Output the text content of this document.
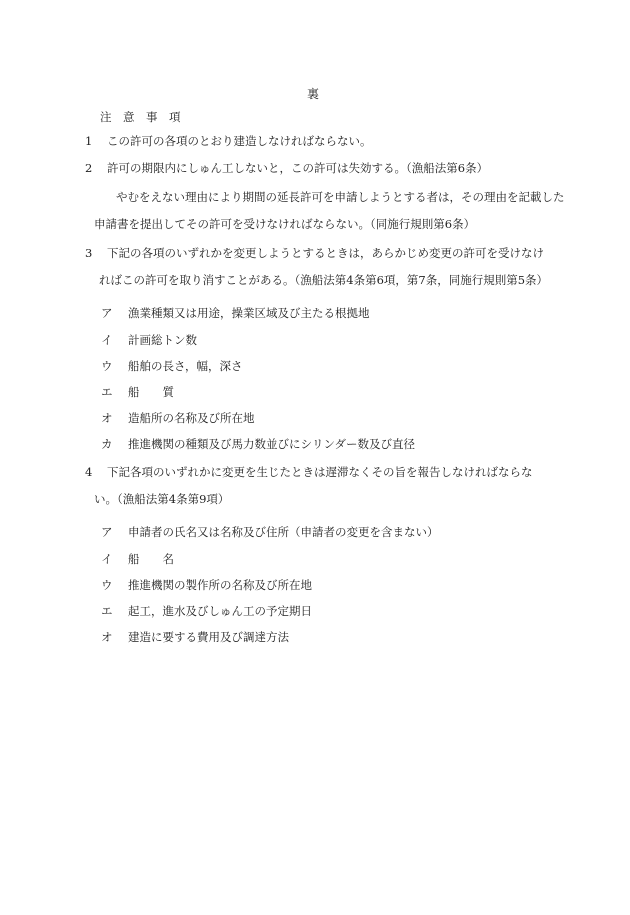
裏
注　意　事　項
1 この許可の各項のとおり建造しなければならない。
2 許可の期限内にしゅん工しないと，この許可は失効する。（漁船法第6条）
やむをえない理由により期間の延長許可を申請しようとする者は，その理由を記載した
申請書を提出してその許可を受けなければならない。（同施行規則第6条）
3 下記の各項のいずれかを変更しようとするときは，あらかじめ変更の許可を受けなけ
ればこの許可を取り消すことがある。（漁船法第4条第6項，第7条，同施行規則第5条）
ア 漁業種類又は用途，操業区域及び主たる根拠地
イ 計画総トン数
ウ 船舶の長さ，幅，深さ
エ 船　　質
オ 造船所の名称及び所在地
カ 推進機関の種類及び馬力数並びにシリンダー数及び直径
4 下記各項のいずれかに変更を生じたときは遅滞なくその旨を報告しなければならな
い。（漁船法第4条第9項）
ア 申請者の氏名又は名称及び住所（申請者の変更を含まない）
イ 船　　名
ウ 推進機関の製作所の名称及び所在地
エ 起工，進水及びしゅん工の予定期日
オ 建造に要する費用及び調達方法
